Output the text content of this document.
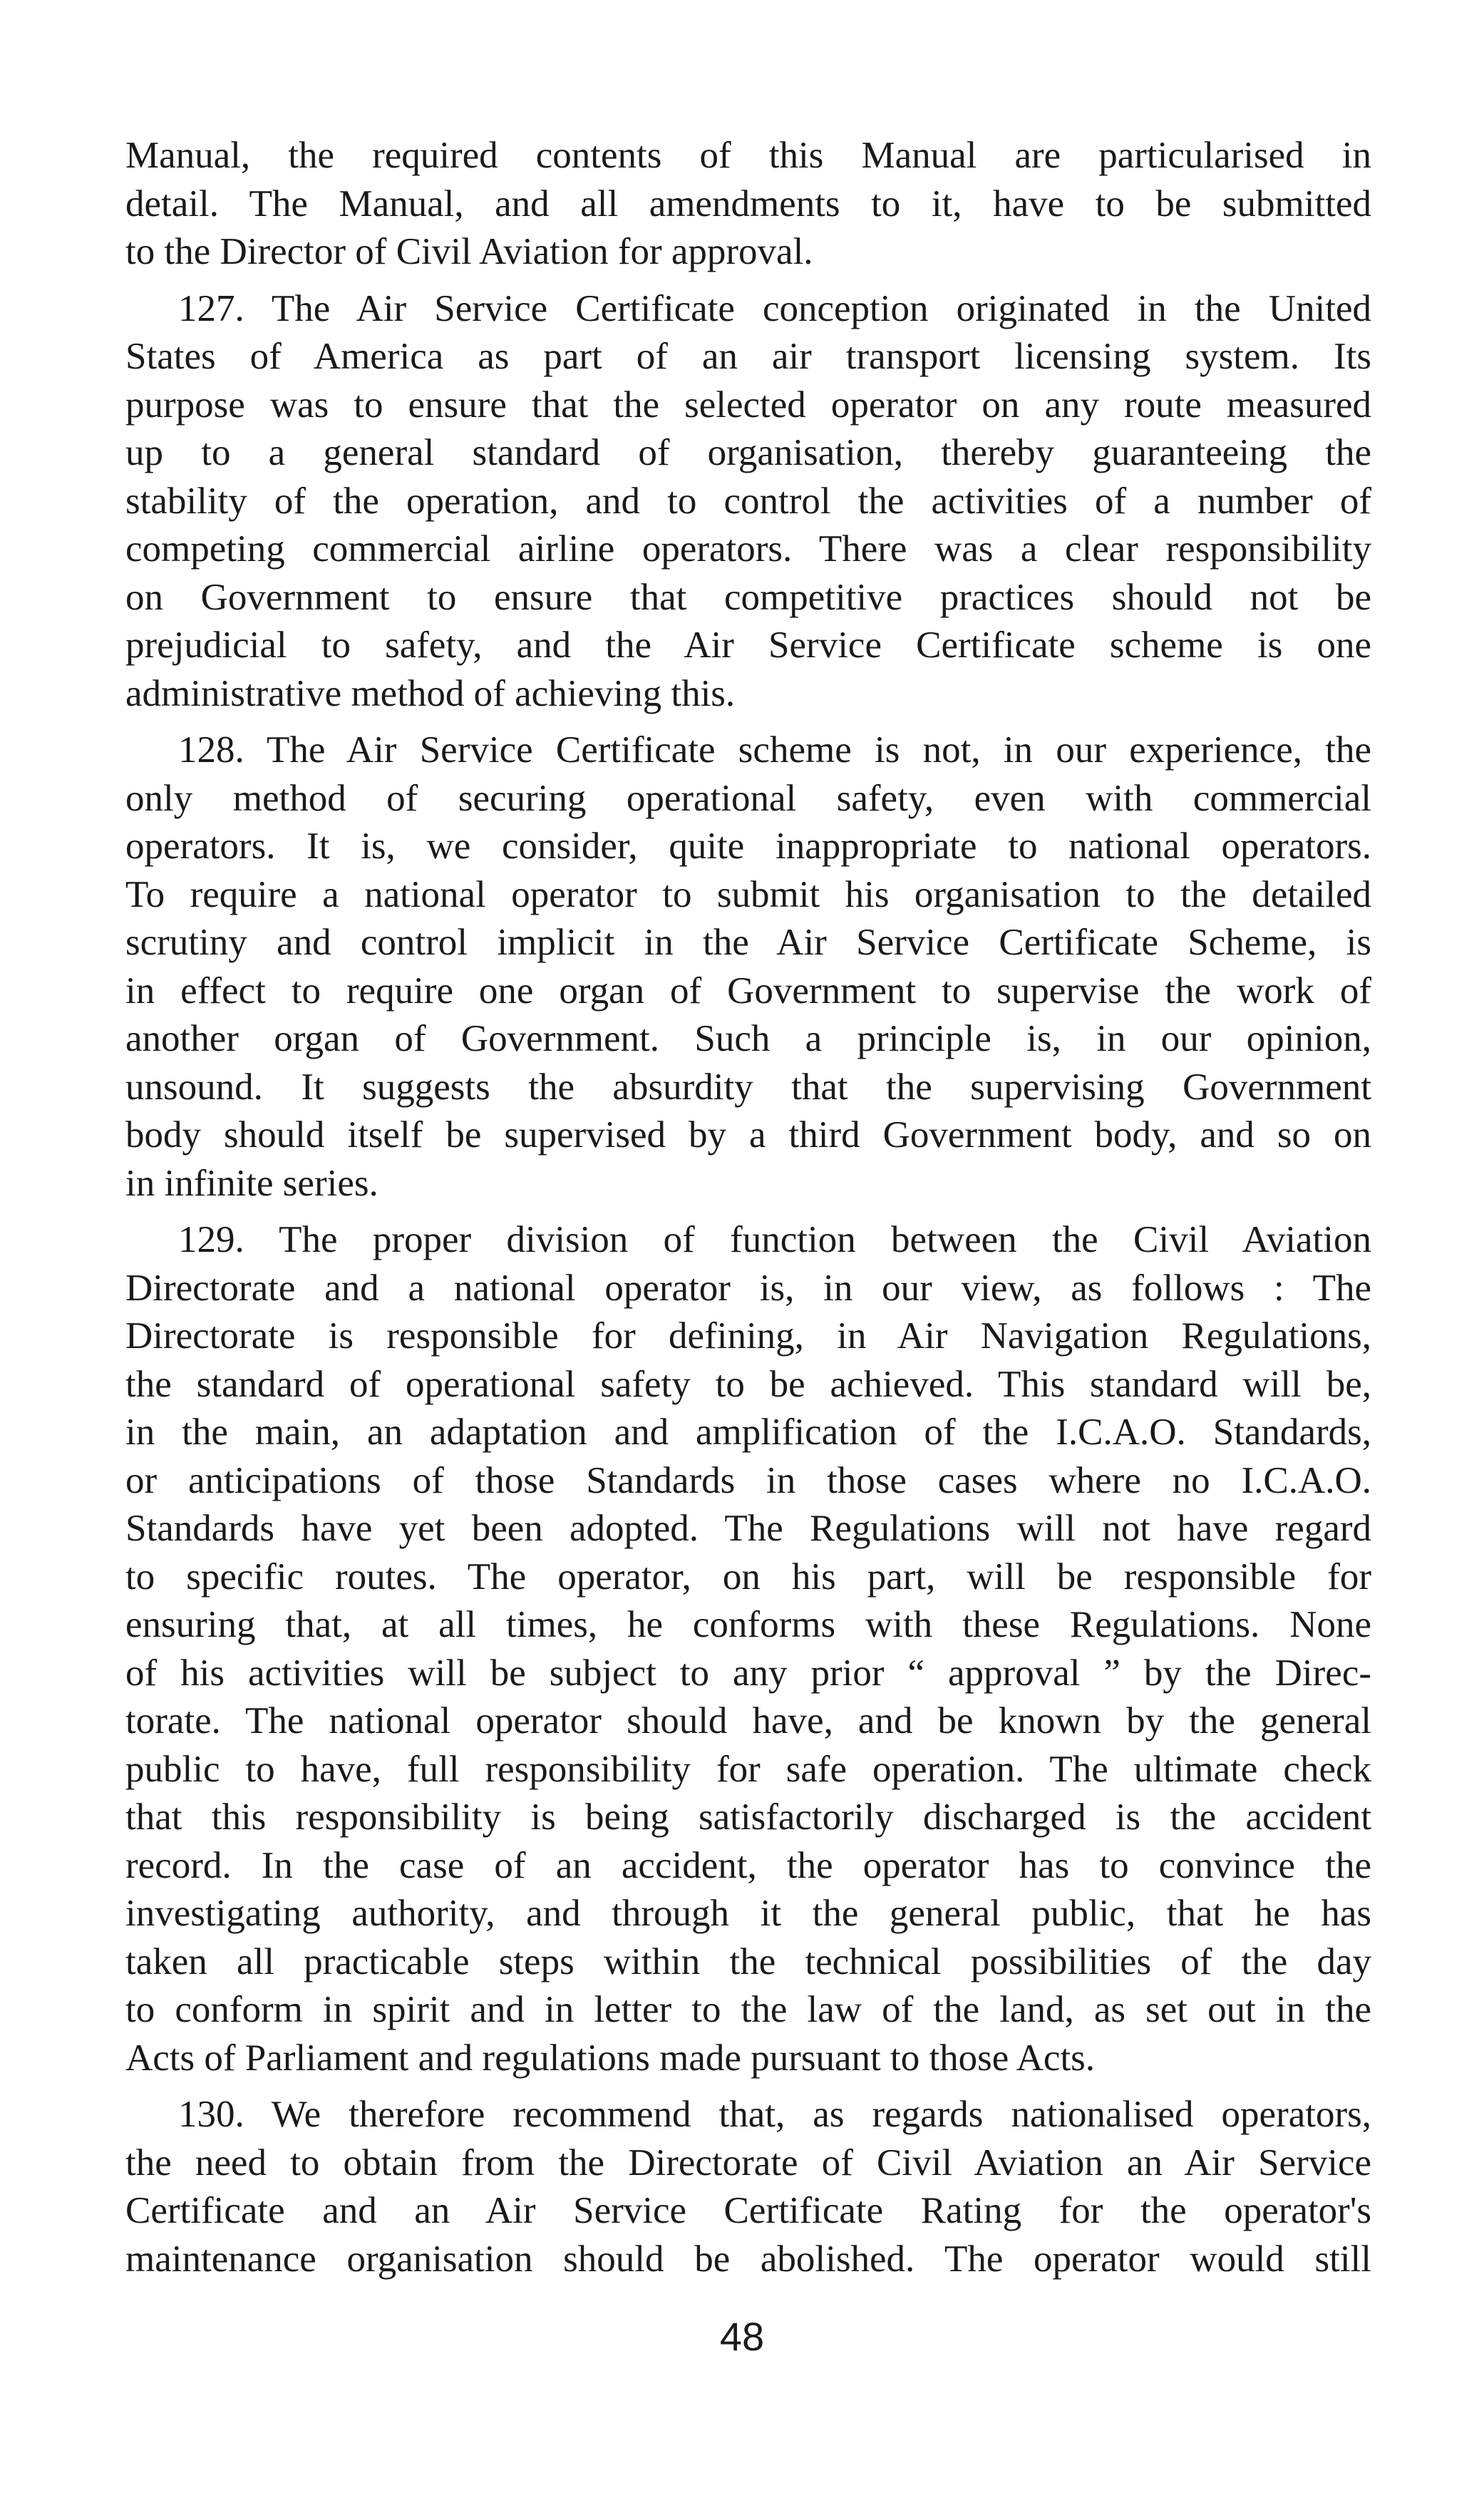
Manual, the required contents of this Manual are particularised in
detail. The Manual, and all amendments to it, have to be submitted
to the Director of Civil Aviation for approval.
127. The Air Service Certificate conception originated in the United
States of America as part of an air transport licensing system. Its
purpose was to ensure that the selected operator on any route measured
up to a general standard of organisation, thereby guaranteeing the
stability of the operation, and to control the activities of a number of
competing commercial airline operators. There was a clear responsibility
on Government to ensure that competitive practices should not be
prejudicial to safety, and the Air Service Certificate scheme is one
administrative method of achieving this.
128. The Air Service Certificate scheme is not, in our experience, the
only method of securing operational safety, even with commercial
operators. It is, we consider, quite inappropriate to national operators.
To require a national operator to submit his organisation to the detailed
scrutiny and control implicit in the Air Service Certificate Scheme, is
in effect to require one organ of Government to supervise the work of
another organ of Government. Such a principle is, in our opinion,
unsound. It suggests the absurdity that the supervising Government
body should itself be supervised by a third Government body, and so on
in infinite series.
129. The proper division of function between the Civil Aviation
Directorate and a national operator is, in our view, as follows : The
Directorate is responsible for defining, in Air Navigation Regulations,
the standard of operational safety to be achieved. This standard will be,
in the main, an adaptation and amplification of the I.C.A.O. Standards,
or anticipations of those Standards in those cases where no I.C.A.O.
Standards have yet been adopted. The Regulations will not have regard
to specific routes. The operator, on his part, will be responsible for
ensuring that, at all times, he conforms with these Regulations. None
of his activities will be subject to any prior “ approval ” by the Direc-
torate. The national operator should have, and be known by the general
public to have, full responsibility for safe operation. The ultimate check
that this responsibility is being satisfactorily discharged is the accident
record. In the case of an accident, the operator has to convince the
investigating authority, and through it the general public, that he has
taken all practicable steps within the technical possibilities of the day
to conform in spirit and in letter to the law of the land, as set out in the
Acts of Parliament and regulations made pursuant to those Acts.
130. We therefore recommend that, as regards nationalised operators,
the need to obtain from the Directorate of Civil Aviation an Air Service
Certificate and an Air Service Certificate Rating for the operator's
maintenance organisation should be abolished. The operator would still
48
